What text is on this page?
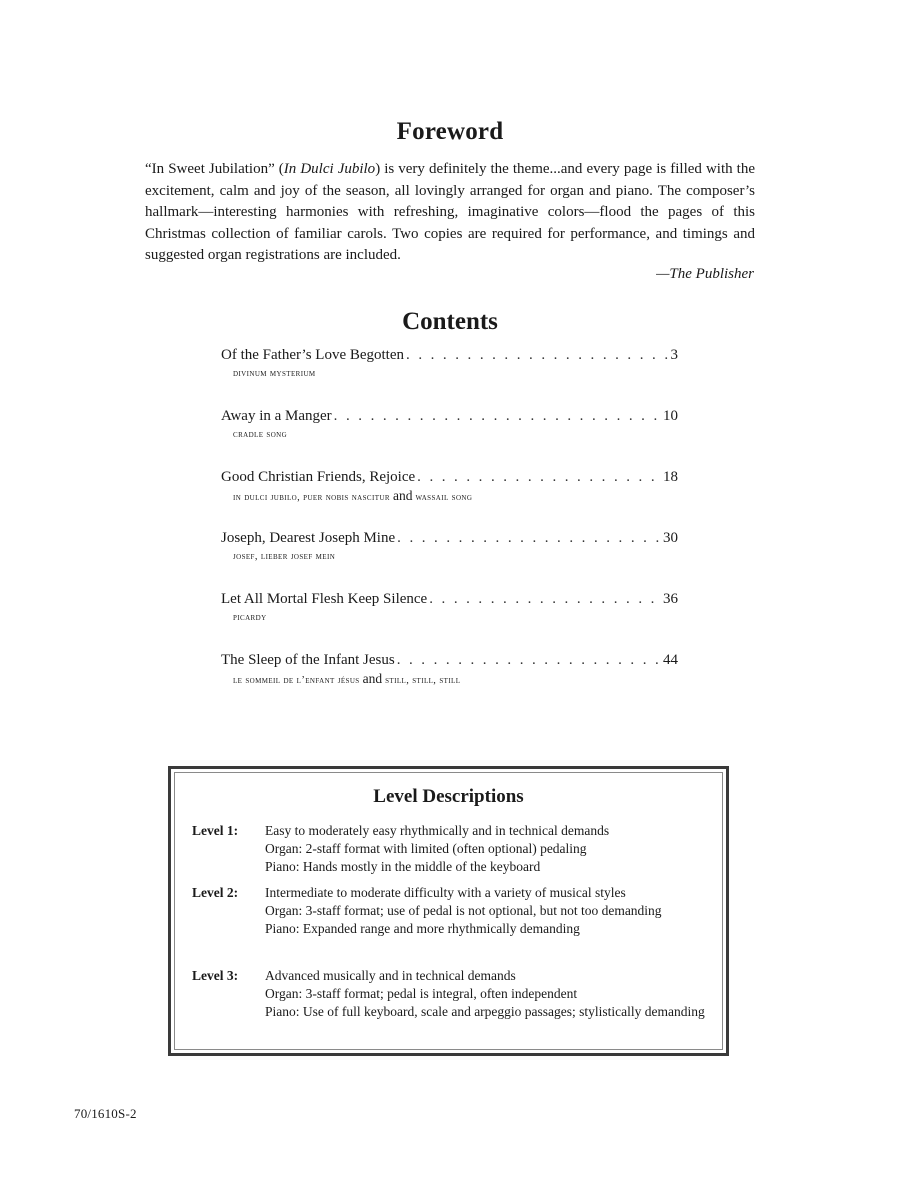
Foreword
“In Sweet Jubilation” (In Dulci Jubilo) is very definitely the theme...and every page is filled with the excitement, calm and joy of the season, all lovingly arranged for organ and piano. The composer’s hallmark—interesting harmonies with refreshing, imaginative colors—flood the pages of this Christmas collection of familiar carols. Two copies are required for performance, and timings and suggested organ registrations are included.
—The Publisher
Contents
Of the Father’s Love Begotten . . .	3
divinum mysterium
Away in a Manger . . .	10
cradle song
Good Christian Friends, Rejoice . . .	18
in dulci jubilo, puer nobis nascitur and wassail song
Joseph, Dearest Joseph Mine . . .	30
josef, lieber josef mein
Let All Mortal Flesh Keep Silence . . .	36
picardy
The Sleep of the Infant Jesus . . .	44
le sommeil de l’enfant jésus and still, still, still
Level Descriptions
Level 1:	Easy to moderately easy rhythmically and in technical demands
Organ: 2-staff format with limited (often optional) pedaling
Piano: Hands mostly in the middle of the keyboard
Level 2:	Intermediate to moderate difficulty with a variety of musical styles
Organ: 3-staff format; use of pedal is not optional, but not too demanding
Piano: Expanded range and more rhythmically demanding
Level 3:	Advanced musically and in technical demands
Organ: 3-staff format; pedal is integral, often independent
Piano: Use of full keyboard, scale and arpeggio passages; stylistically demanding
70/1610S-2
